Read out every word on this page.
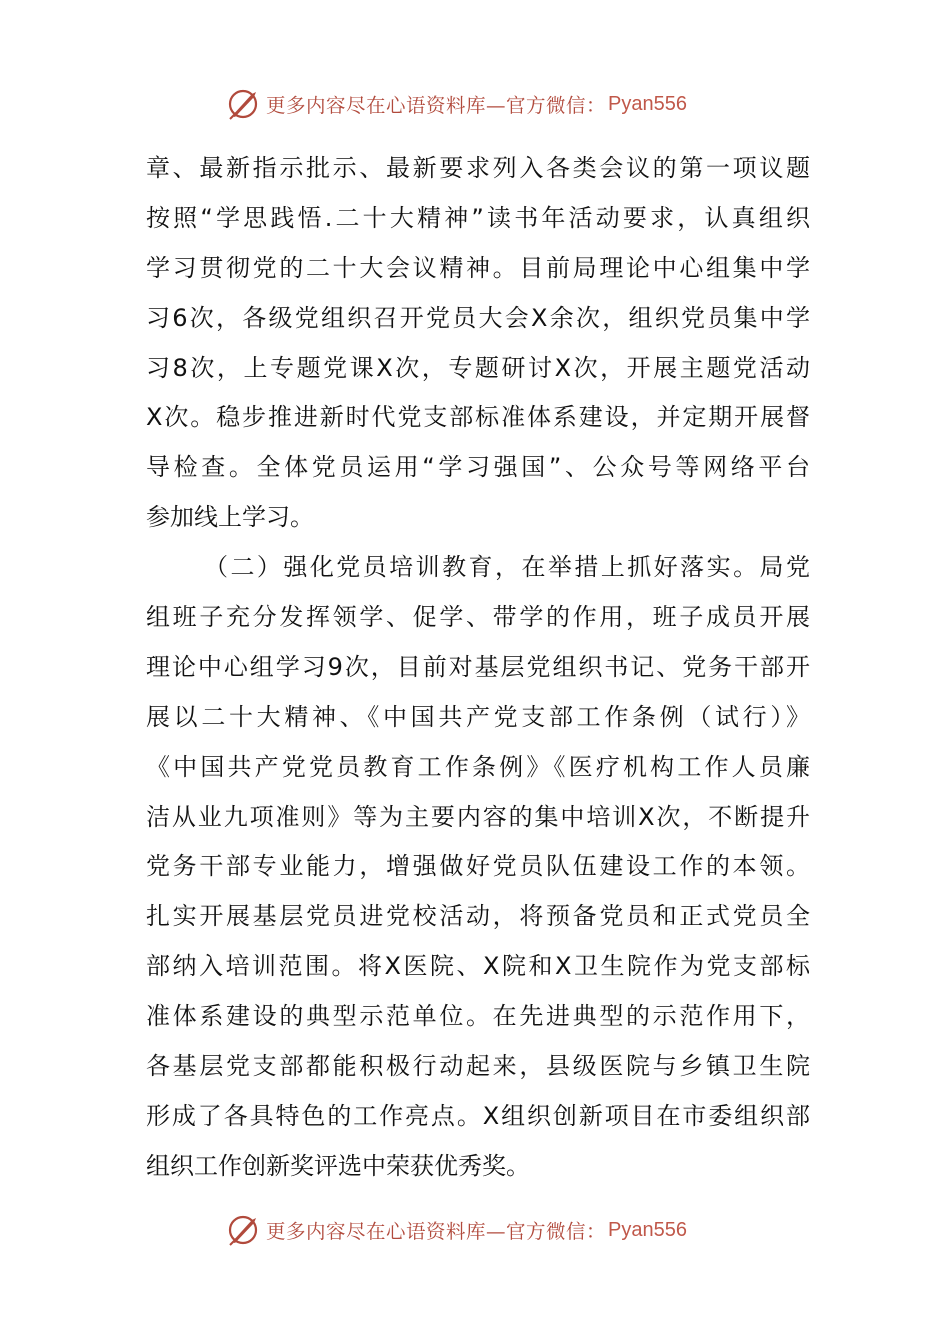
更多内容尽在心语资料库—官方微信： Pyan556
章、最新指示批示、最新要求列入各类会议的第一项议题
按照“学思践悟.二十大精神”读书年活动要求，认真组织
学习贯彻党的二十大会议精神。目前局理论中心组集中学
习6次，各级党组织召开党员大会X余次，组织党员集中学
习8次，上专题党课X次，专题研讨X次，开展主题党活动
X次。稳步推进新时代党支部标准体系建设，并定期开展督
导检查。全体党员运用“学习强国”、公众号等网络平台
参加线上学习。
（二）强化党员培训教育，在举措上抓好落实。局党
组班子充分发挥领学、促学、带学的作用，班子成员开展
理论中心组学习9次，目前对基层党组织书记、党务干部开
展以二十大精神、《中国共产党支部工作条例（试行）》
《中国共产党党员教育工作条例》《医疗机构工作人员廉
洁从业九项准则》等为主要内容的集中培训X次，不断提升
党务干部专业能力，增强做好党员队伍建设工作的本领。
扎实开展基层党员进党校活动，将预备党员和正式党员全
部纳入培训范围。将X医院、X院和X卫生院作为党支部标
准体系建设的典型示范单位。在先进典型的示范作用下，
各基层党支部都能积极行动起来，县级医院与乡镇卫生院
形成了各具特色的工作亮点。X组织创新项目在市委组织部
组织工作创新奖评选中荣获优秀奖。
更多内容尽在心语资料库—官方微信： Pyan556
